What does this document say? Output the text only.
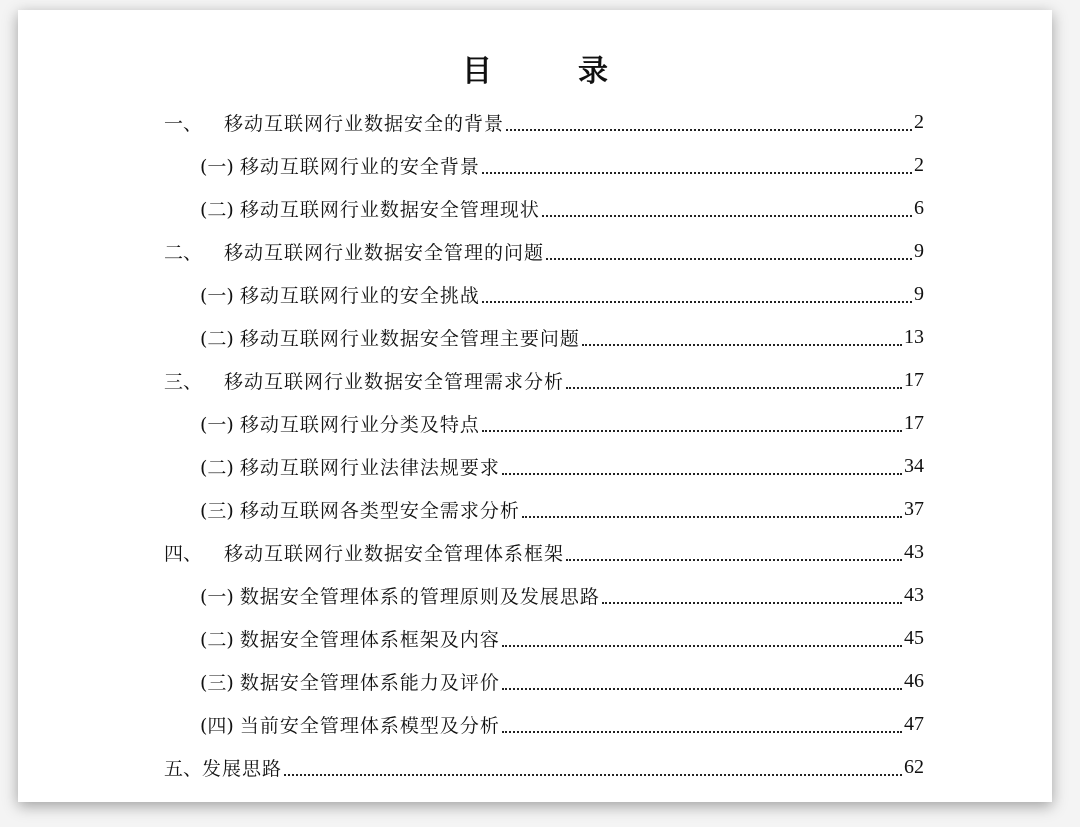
目　录
一、 移动互联网行业数据安全的背景	2
(一) 移动互联网行业的安全背景	2
(二) 移动互联网行业数据安全管理现状	6
二、 移动互联网行业数据安全管理的问题	9
(一) 移动互联网行业的安全挑战	9
(二) 移动互联网行业数据安全管理主要问题	13
三、 移动互联网行业数据安全管理需求分析	17
(一) 移动互联网行业分类及特点	17
(二) 移动互联网行业法律法规要求	34
(三) 移动互联网各类型安全需求分析	37
四、 移动互联网行业数据安全管理体系框架	43
(一) 数据安全管理体系的管理原则及发展思路	43
(二) 数据安全管理体系框架及内容	45
(三) 数据安全管理体系能力及评价	46
(四) 当前安全管理体系模型及分析	47
五、 发展思路	62
